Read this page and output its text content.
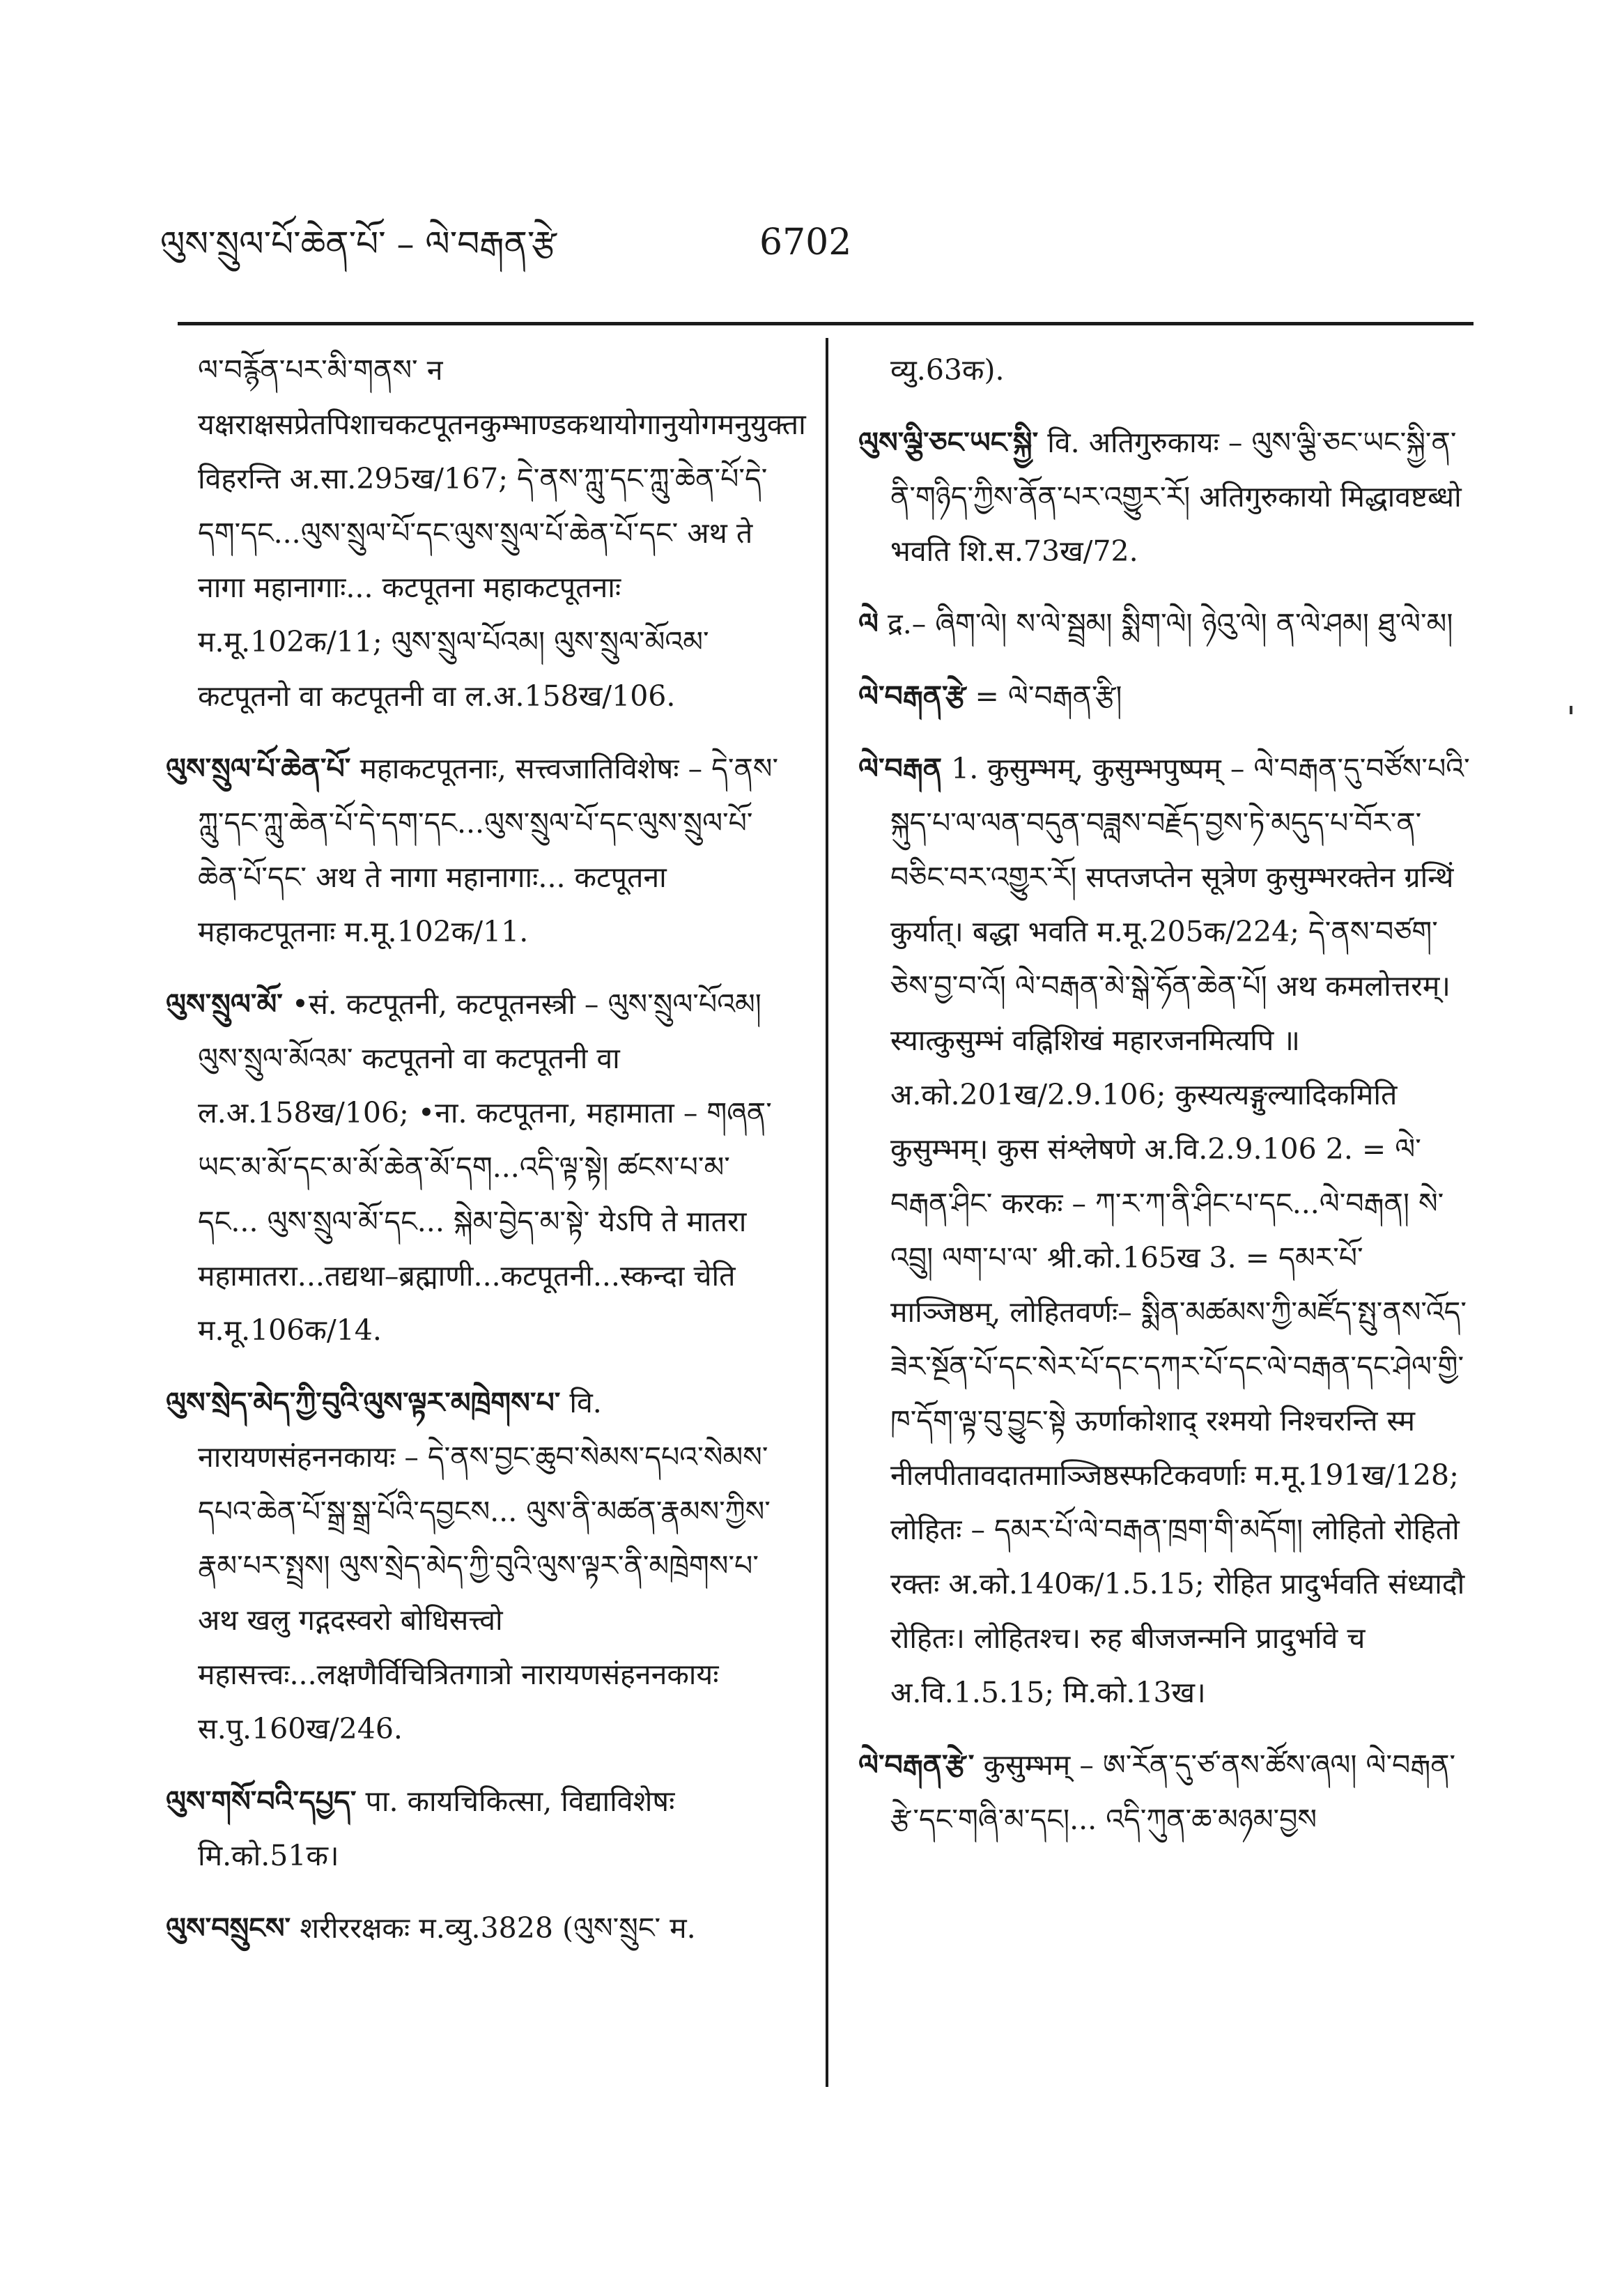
ལུས་སྲུལ་པོ་ཆེན་པོ་ – ལེ་བརྒན་རྩེ	6702

ལ་བརྙོན་པར་མི་གནས་ न यक्षराक्षसप्रेतपिशाचकटपूतनकुम्भाण्डकथायोगानुयोगमनुयुक्ता विहरन्ति अ.सा.295ख/167; དེ་ནས་ཀླུ་དང་ཀླུ་ཆེན་པོ་དེ་དག་དང...ལུས་སྲུལ་པོ་དང་ལུས་སྲུལ་པོ་ཆེན་པོ་དང་ अथ ते नागा महानागाः... कटपूतना महाकटपूतनाः म.मू.102क/11; ལུས་སྲུལ་པོའམ། ལུས་སྲུལ་མོའམ་ कटपूतनो वा कटपूतनी वा ल.अ.158ख/106.

ལུས་སྲུལ་པོ་ཆེན་པོ་ महाकटपूतनाः, सत्त्वजातिविशेषः – དེ་ནས་ཀླུ་དང་ཀླུ་ཆེན་པོ་དེ་དག་དང...ལུས་སྲུལ་པོ་དང་ལུས་སྲུལ་པོ་ཆེན་པོ་དང་ अथ ते नागा महानागाः... कटपूतना महाकटपूतनाः म.मू.102क/11.

ལུས་སྲུལ་མོ་ •सं. कटपूतनी, कटपूतनस्त्री – ལུས་སྲུལ་པོའམ། ལུས་སྲུལ་མོའམ་ कटपूतनो वा कटपूतनी वा ल.अ.158ख/106; •ना. कटपूतना, महामाता – གཞན་ཡང་མ་མོ་དང་མ་མོ་ཆེན་མོ་དག...འདི་ལྟ་སྟེ། ཚངས་པ་མ་དང... ལུས་སྲུལ་མོ་དང... སྐེམ་བྱེད་མ་སྟེ་ येऽपि ते मातरा महामातरा...तद्यथा–ब्रह्माणी...कटपूतनी...स्कन्दा चेति म.मू.106क/14.

ལུས་སྲེད་མེད་ཀྱི་བུའི་ལུས་ལྟར་མཁྲེགས་པ་ वि. नारायणसंहननकायः – དེ་ནས་བྱང་ཆུབ་སེམས་དཔའ་སེམས་དཔའ་ཆེན་པོ་སྒྲ་སྒྲ་པོའི་དབྱངས... ལུས་ནི་མཚན་རྣམས་ཀྱིས་རྣམ་པར་སྤྲས། ལུས་སྲེད་མེད་ཀྱི་བུའི་ལུས་ལྟར་ནི་མཁྲེགས་པ་ अथ खलु गद्गदस्वरो बोधिसत्त्वो महासत्त्वः...लक्षणैर्विचित्रितगात्रो नारायणसंहननकायः स.पु.160ख/246.

ལུས་གསོ་བའི་དཔྱད་ पा. कायचिकित्सा, विद्याविशेषः मि.को.51क।

ལུས་བསྲུངས་ शरीररक्षकः म.व्यु.3828 (ལུས་སྲུང་ म.

व्यु.63क).

ལུས་ལྕི་ཅང་ཡང་སྐྱི་ वि. अतिगुरुकायः – ལུས་ལྕི་ཅང་ཡང་སྐྱི་ན་ནི་གཉིད་ཀྱིས་ནོན་པར་འགྱུར་རོ། अतिगुरुकायो मिद्धावष्टब्धो भवति शि.स.73ख/72.

ལེ द्र.– ཞིག་ལེ། ས་ལེ་སྦྲམ། སྨིག་ལེ། ཉེའུ་ལེ། ན་ལེ་ཤམ། ཐུ་ལེ་མ།

ལེ་བརྒན་རྩེ = ལེ་བརྒན་རྩི།

ལེ་བརྒན 1. कुसुम्भम्, कुसुम्भपुष्पम् – ལེ་བརྒན་དུ་བཙོས་པའི་སྐུད་པ་ལ་ལན་བདུན་བཟླས་བརྗོད་བྱས་ཏེ་མདུད་པ་བོར་ན་བཅིང་བར་འགྱུར་རོ། सप्तजप्तेन सूत्रेण कुसुम्भरक्तेन ग्रन्थिं कुर्यात्। बद्धा भवति म.मू.205क/224; དེ་ནས་བཙག་ཅེས་བྱ་བ་འོ། ལེ་བརྒན་མེ་སྒེ་ཧོན་ཆེན་པོ། अथ कमलोत्तरम्। स्यात्कुसुम्भं वह्निशिखं महारजनमित्यपि ॥ अ.को.201ख/2.9.106; कुस्यत्यङ्गुल्यादिकमिति कुसुम्भम्। कुस संश्लेषणे अ.वि.2.9.106 2. = ལེ་བརྒན་ཤིང་ करकः – ཀ་ར་ཀ་ནི་ཤིང་པ་དང...ལེ་བརྒན། སེ་འབྲུ། ལག་པ་ལ་ श्री.को.165ख 3. = དམར་པོ་ माञ्जिष्ठम्, लोहितवर्णः– སྨིན་མཚམས་ཀྱི་མཛོད་སྤུ་ནས་འོད་ཟེར་སྔོན་པོ་དང་སེར་པོ་དང་དཀར་པོ་དང་ལེ་བརྒན་དང་ཤེལ་གྱི་ཁ་དོག་ལྟ་བུ་བྱུང་སྟེ ऊर्णाकोशाद् रश्मयो निश्चरन्ति स्म नीलपीतावदातमाञ्जिष्ठस्फटिकवर्णाः म.मू.191ख/128; लोहितः – དམར་པོ་ལེ་བརྒན་ཁྲག་གི་མདོག། लोहितो रोहितो रक्तः अ.को.140क/1.5.15; रोहित प्रादुर्भवति संध्यादौ रोहितः। लोहितश्च। रुह बीजजन्मनि प्रादुर्भावे च अ.वि.1.5.15; मि.को.13ख।

ལེ་བརྒན་རྩེ་ कुसुम्भम् – ཨ་རོན་དུ་ཙ་ནས་ཚོས་ཞལ། ལེ་བརྒན་རྩེ་དང་གཞི་མ་དང།... འདི་ཀུན་ཆ་མཉམ་བྱས
